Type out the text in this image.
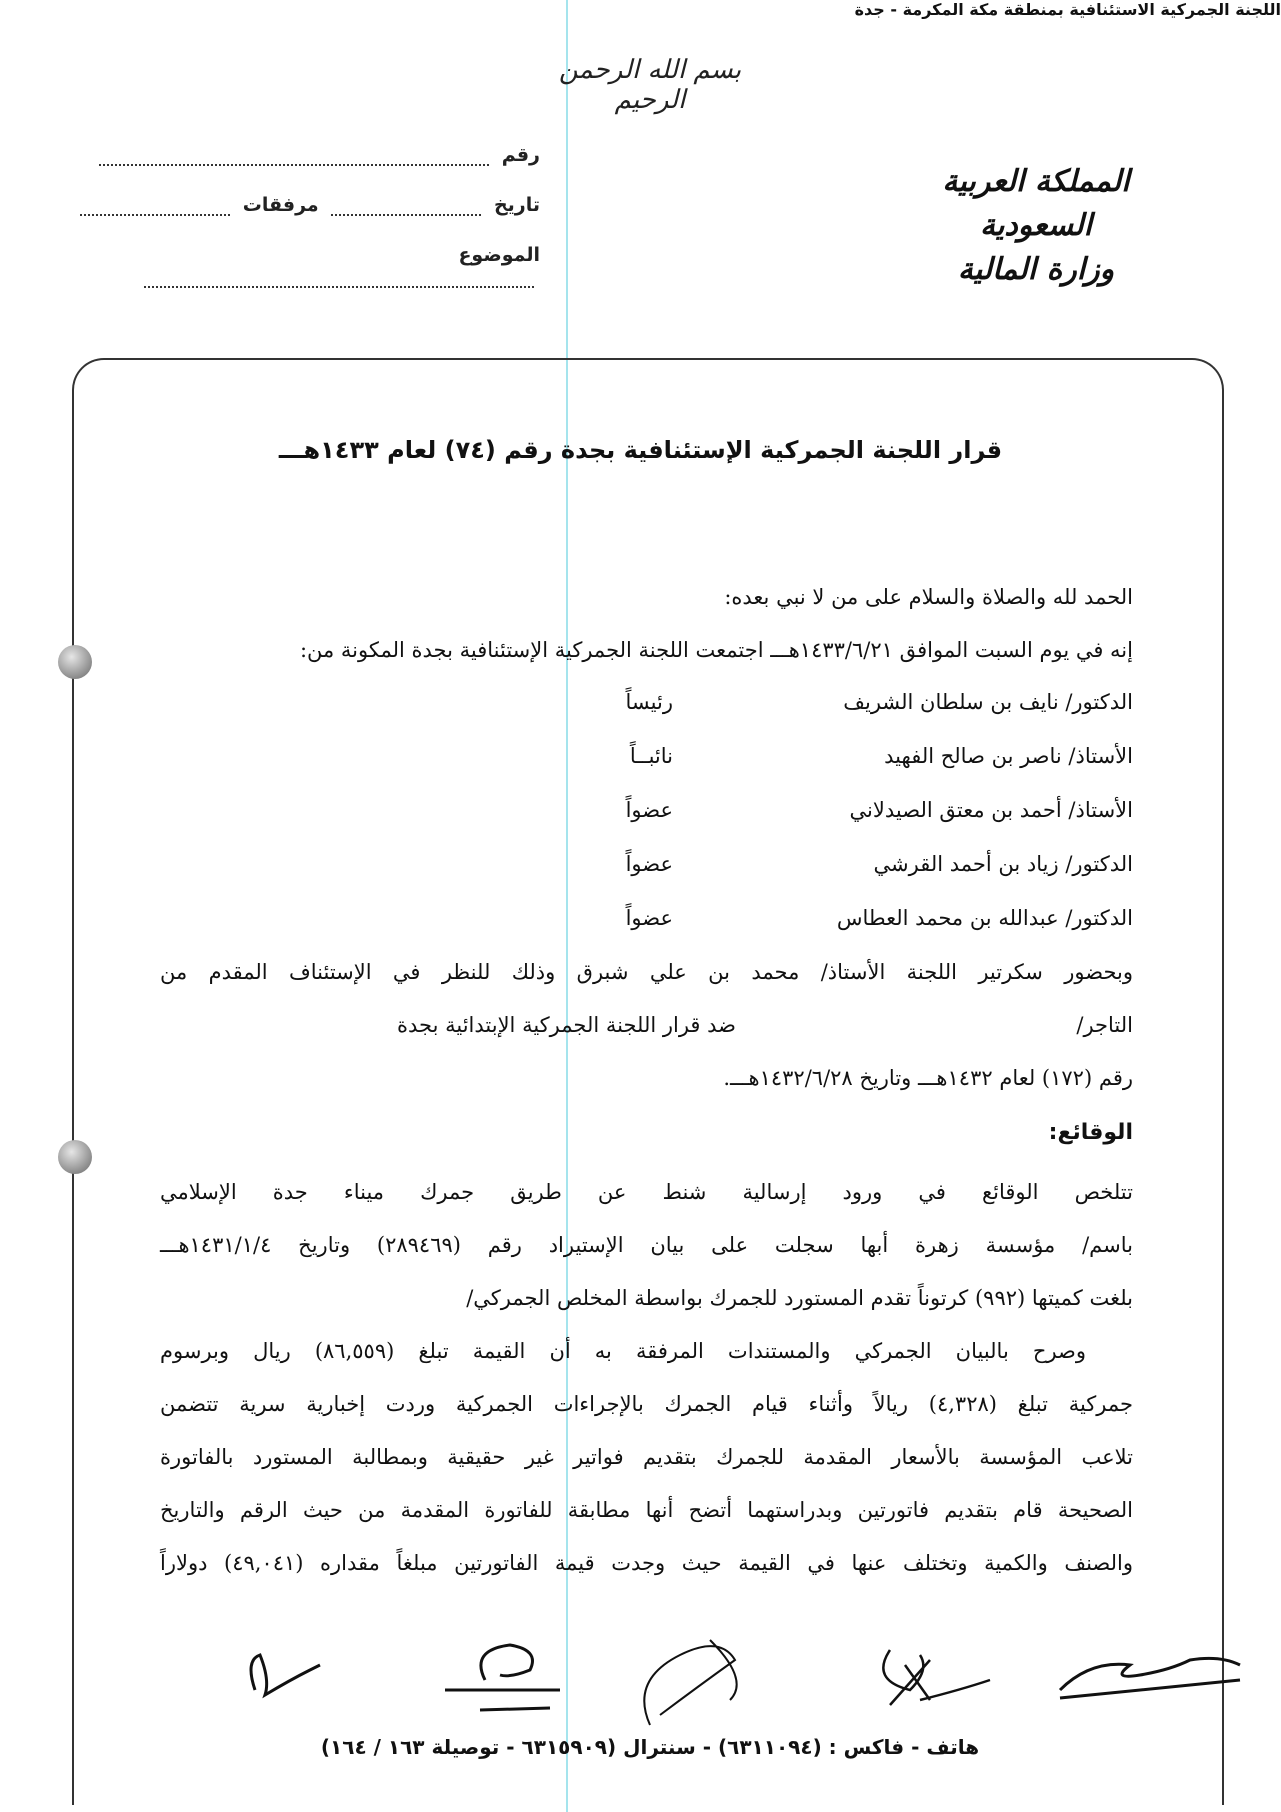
بسم الله الرحمن الرحيم
رقم
تاريخ  مرفقات
الموضوع
المملكة العربية السعودية
وزارة المالية
اللجنة الجمركية الاستئنافية بمنطقة مكة المكرمة - جدة
قرار اللجنة الجمركية الإستئنافية بجدة رقم (٧٤) لعام ١٤٣٣هـــ
الحمد لله والصلاة والسلام على من لا نبي بعده:
إنه في يوم السبت الموافق ١٤٣٣/٦/٢١هـــ اجتمعت اللجنة الجمركية الإستئنافية بجدة المكونة من:
الدكتور/ نايف بن سلطان الشريف
رئيساً
الأستاذ/ ناصر بن صالح الفهيد
نائبــاً
الأستاذ/ أحمد بن معتق الصيدلاني
عضواً
الدكتور/ زياد بن أحمد القرشي
عضواً
الدكتور/ عبدالله بن محمد العطاس
عضواً
وبحضور سكرتير اللجنة الأستاذ/ محمد بن علي شبرق وذلك للنظر في الإستئناف المقدم من
التاجر/
ضد قرار اللجنة الجمركية الإبتدائية بجدة
رقم (١٧٢) لعام ١٤٣٢هـــ وتاريخ ١٤٣٢/٦/٢٨هـــ.
الوقائع:
تتلخص الوقائع في ورود إرسالية شنط عن طريق جمرك ميناء جدة الإسلامي
باسم/ مؤسسة زهرة أبها سجلت على بيان الإستيراد رقم (٢٨٩٤٦٩) وتاريخ ١٤٣١/١/٤هـــ
بلغت كميتها (٩٩٢) كرتوناً تقدم المستورد للجمرك بواسطة المخلص الجمركي/
وصرح بالبيان الجمركي والمستندات المرفقة به أن القيمة تبلغ (٨٦,٥٥٩) ريال وبرسوم
جمركية تبلغ (٤,٣٢٨) ريالاً وأثناء قيام الجمرك بالإجراءات الجمركية وردت إخبارية سرية تتضمن
تلاعب المؤسسة بالأسعار المقدمة للجمرك بتقديم فواتير غير حقيقية وبمطالبة المستورد بالفاتورة
الصحيحة قام بتقديم فاتورتين وبدراستهما أتضح أنها مطابقة للفاتورة المقدمة من حيث الرقم والتاريخ
والصنف والكمية وتختلف عنها في القيمة حيث وجدت قيمة الفاتورتين مبلغاً مقداره (٤٩,٠٤١) دولاراً
هاتف - فاكس : (٦٣١١٠٩٤) - سنترال (٦٣١٥٩٠٩ - توصيلة ١٦٣ / ١٦٤)
